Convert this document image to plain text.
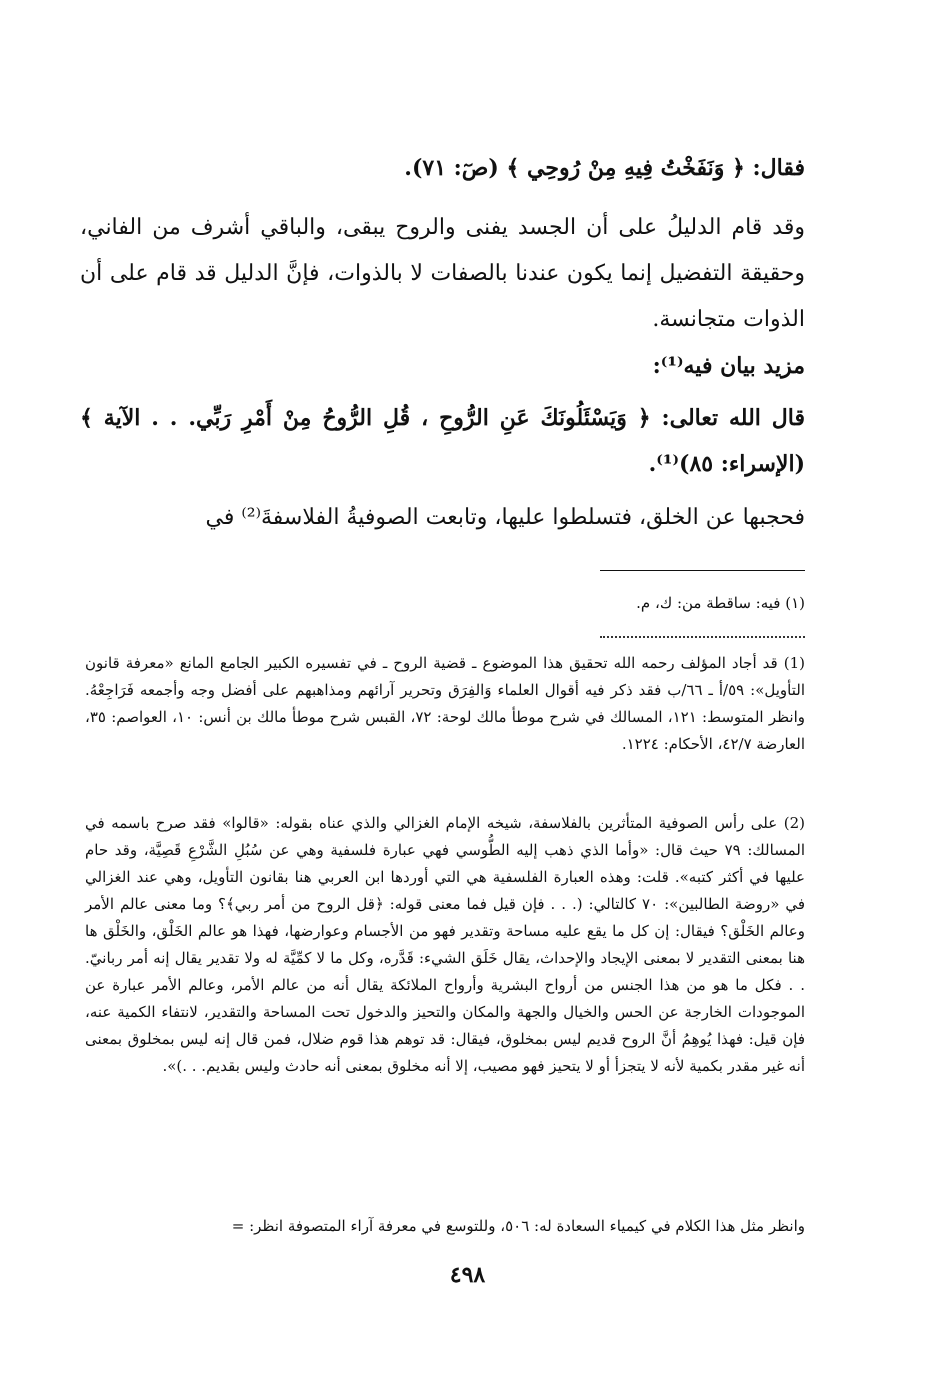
فقال: ﴿ وَنَفَخْتُ فِيهِ مِنْ رُوحِي ﴾ (صٓ: ٧١).
وقد قام الدليلُ على أن الجسد يفنى والروح يبقى، والباقي أشرف من الفاني، وحقيقة التفضيل إنما يكون عندنا بالصفات لا بالذوات، فإنَّ الدليل قد قام على أن الذوات متجانسة.
مزيد بيان فيه⁽¹⁾:
قال الله تعالى: ﴿ وَيَسْئَلُونَكَ عَنِ الرُّوحِ ، قُلِ الرُّوحُ مِنْ أَمْرِ رَبِّي. . . الآية ﴾ (الإسراء: ٨٥)⁽¹⁾.
فحجبها عن الخلق، فتسلطوا عليها، وتابعت الصوفيةُ الفلاسفةَ⁽²⁾ في
(١) فيه: ساقطة من: ك، م.
(1) قد أجاد المؤلف رحمه الله تحقيق هذا الموضوع ـ قضية الروح ـ في تفسيره الكبير الجامع المانع «معرفة قانون التأويل»: ٥٩/أ ـ ٦٦/ب فقد ذكر فيه أقوال العلماء وَالفِرَق وتحرير آرائهم ومذاهبهم على أفضل وجه وأجمعه فَرَاجِعْهُ. وانظر المتوسط: ١٢١، المسالك في شرح موطأ مالك لوحة: ٧٢، القبس شرح موطأ مالك بن أنس: ١٠، العواصم: ٣٥، العارضة ٤٢/٧، الأحكام: ١٢٢٤.
(2) على رأس الصوفية المتأثرين بالفلاسفة، شيخه الإمام الغزالي والذي عناه بقوله: «قالوا» فقد صرح باسمه في المسالك: ٧٩ حيث قال: «وأما الذي ذهب إليه الطُّوسي فهي عبارة فلسفية وهي عن سُبُلِ الشَّرْعِ قَصِيَّة، وقد حام عليها في أكثر كتبه». قلت: وهذه العبارة الفلسفية هي التي أوردها ابن العربي هنا بقانون التأويل، وهي عند الغزالي في «روضة الطالبين»: ٧٠ كالتالي: (. . . فإن قيل فما معنى قوله: ﴿قل الروح من أمر ربي﴾؟ وما معنى عالم الأمر وعالم الخَلْق؟ فيقال: إن كل ما يقع عليه مساحة وتقدير فهو من الأجسام وعوارضها، فهذا هو عالم الخَلْق، والخَلْق ها هنا بمعنى التقدير لا بمعنى الإيجاد والإحداث، يقال خَلَق الشيء: قَدَّره، وكل ما لا كمِّيَّة له ولا تقدير يقال إنه أمر ربانيّ. . . فكل ما هو من هذا الجنس من أرواح البشرية وأرواح الملائكة يقال أنه من عالم الأمر، وعالم الأمر عبارة عن الموجودات الخارجة عن الحس والخيال والجهة والمكان والتحيز والدخول تحت المساحة والتقدير، لانتفاء الكمية عنه، فإن قيل: فهذا يُوهِمُ أنَّ الروح قديم ليس بمخلوق، فيقال: قد توهم هذا قوم ضلال، فمن قال إنه ليس بمخلوق بمعنى أنه غير مقدر بكمية لأنه لا يتجزأ أو لا يتحيز فهو مصيب، إلا أنه مخلوق بمعنى أنه حادث وليس بقديم. . .)».
وانظر مثل هذا الكلام في كيمياء السعادة له: ٥٠٦، وللتوسع في معرفة آراء المتصوفة انظر: =
٤٩٨
